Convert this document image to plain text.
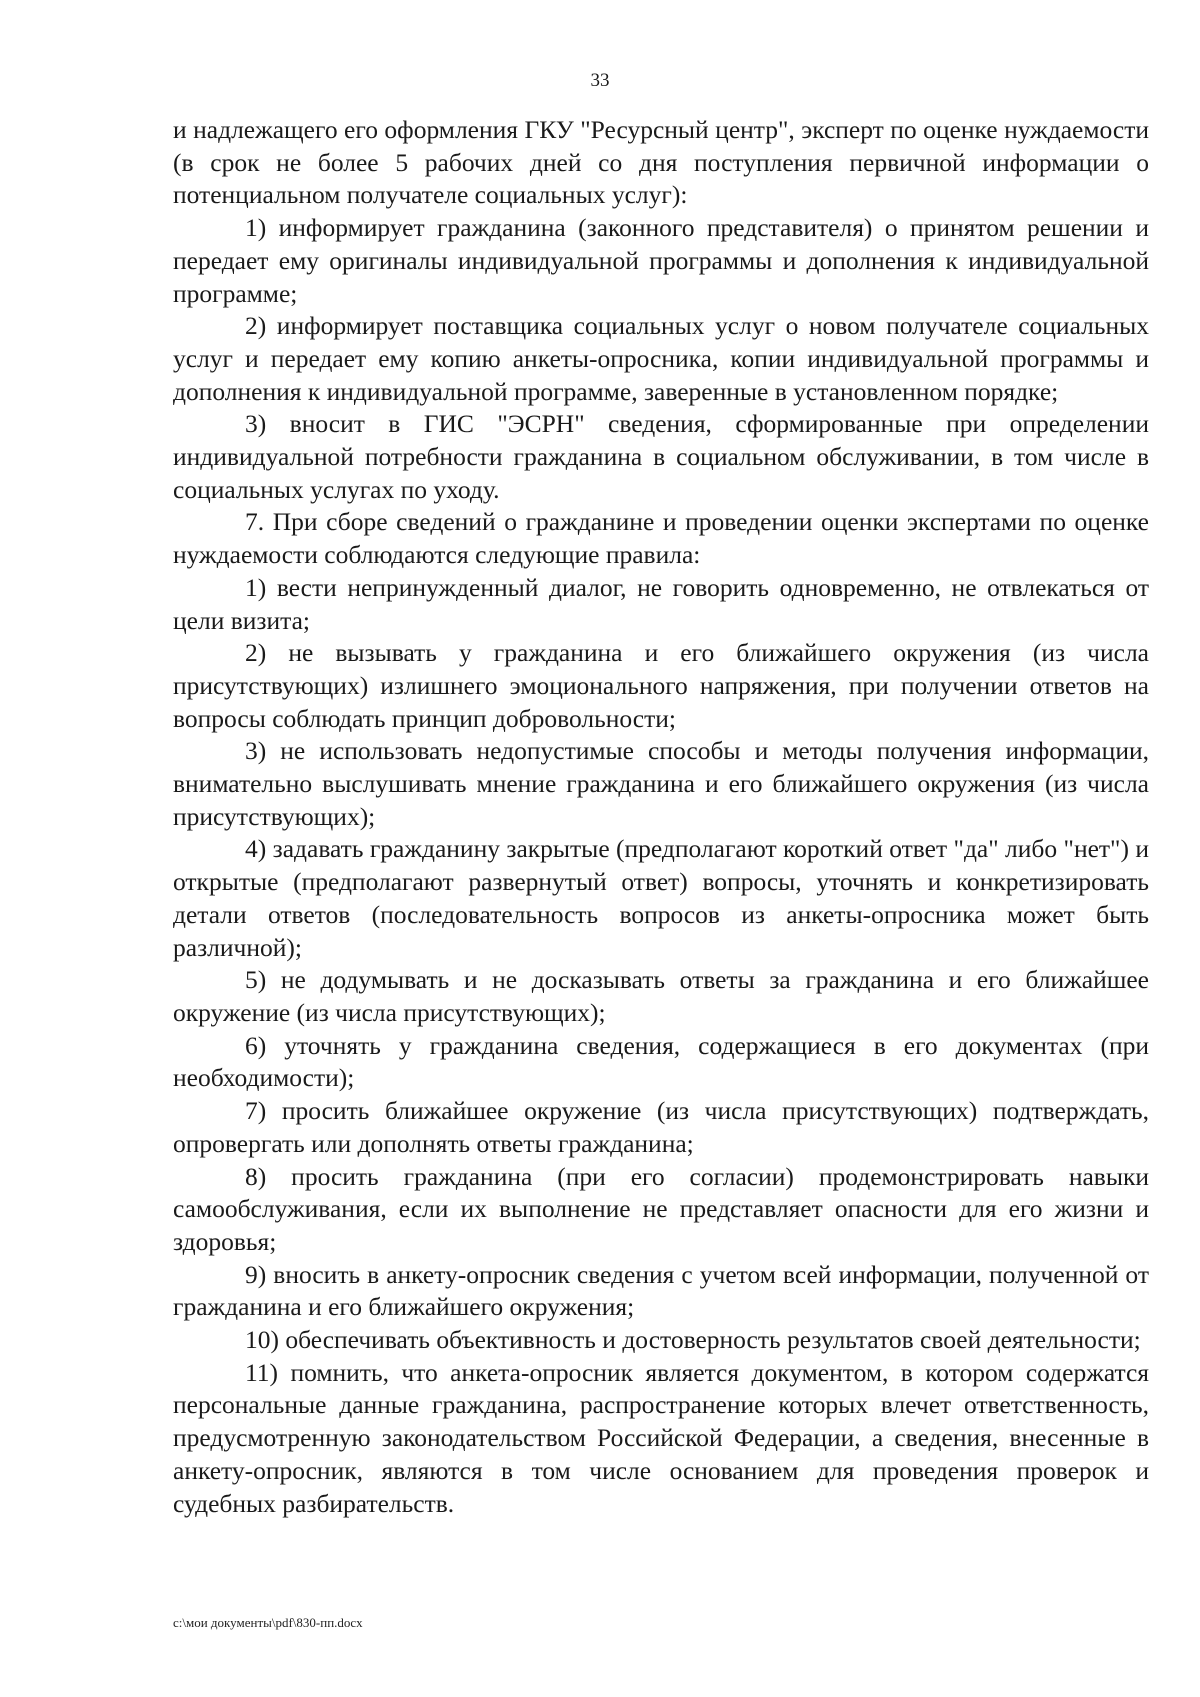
33

и надлежащего его оформления ГКУ "Ресурсный центр", эксперт по оценке нуждаемости (в срок не более 5 рабочих дней со дня поступления первичной информации о потенциальном получателе социальных услуг):

1) информирует гражданина (законного представителя) о принятом решении и передает ему оригиналы индивидуальной программы и дополнения к индивидуальной программе;

2) информирует поставщика социальных услуг о новом получателе социальных услуг и передает ему копию анкеты-опросника, копии индивидуальной программы и дополнения к индивидуальной программе, заверенные в установленном порядке;

3) вносит в ГИС "ЭСРН" сведения, сформированные при определении индивидуальной потребности гражданина в социальном обслуживании, в том числе в социальных услугах по уходу.

7. При сборе сведений о гражданине и проведении оценки экспертами по оценке нуждаемости соблюдаются следующие правила:

1) вести непринужденный диалог, не говорить одновременно, не отвлекаться от цели визита;

2) не вызывать у гражданина и его ближайшего окружения (из числа присутствующих) излишнего эмоционального напряжения, при получении ответов на вопросы соблюдать принцип добровольности;

3) не использовать недопустимые способы и методы получения информации, внимательно выслушивать мнение гражданина и его ближайшего окружения (из числа присутствующих);

4) задавать гражданину закрытые (предполагают короткий ответ "да" либо "нет") и открытые (предполагают развернутый ответ) вопросы, уточнять и конкретизировать детали ответов (последовательность вопросов из анкеты-опросника может быть различной);

5) не додумывать и не досказывать ответы за гражданина и его ближайшее окружение (из числа присутствующих);

6) уточнять у гражданина сведения, содержащиеся в его документах (при необходимости);

7) просить ближайшее окружение (из числа присутствующих) подтверждать, опровергать или дополнять ответы гражданина;

8) просить гражданина (при его согласии) продемонстрировать навыки самообслуживания, если их выполнение не представляет опасности для его жизни и здоровья;

9) вносить в анкету-опросник сведения с учетом всей информации, полученной от гражданина и его ближайшего окружения;

10) обеспечивать объективность и достоверность результатов своей деятельности;

11) помнить, что анкета-опросник является документом, в котором содержатся персональные данные гражданина, распространение которых влечет ответственность, предусмотренную законодательством Российской Федерации, а сведения, внесенные в анкету-опросник, являются в том числе основанием для проведения проверок и судебных разбирательств.

c:\мои документы\pdf\830-пп.docx
